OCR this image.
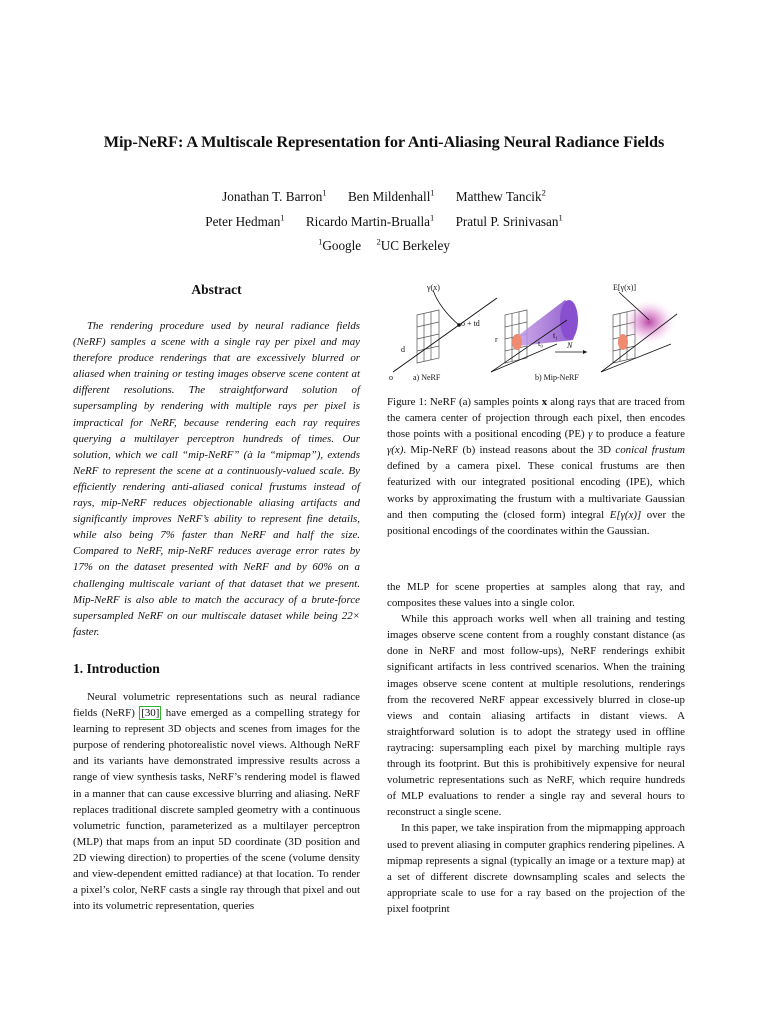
Mip-NeRF: A Multiscale Representation for Anti-Aliasing Neural Radiance Fields
Jonathan T. Barron$^1$ Ben Mildenhall$^1$ Matthew Tancik$^2$
Peter Hedman$^1$ Ricardo Martin-Brualla$^1$ Pratul P. Srinivasan$^1$
$^1$Google $^2$UC Berkeley
Abstract
The rendering procedure used by neural radiance fields (NeRF) samples a scene with a single ray per pixel and may therefore produce renderings that are excessively blurred or aliased when training or testing images observe scene content at different resolutions. The straightforward solution of supersampling by rendering with multiple rays per pixel is impractical for NeRF, because rendering each ray requires querying a multilayer perceptron hundreds of times. Our solution, which we call “mip-NeRF” (à la “mipmap”), extends NeRF to represent the scene at a continuously-valued scale. By efficiently rendering anti-aliased conical frustums instead of rays, mip-NeRF reduces objectionable aliasing artifacts and significantly improves NeRF’s ability to represent fine details, while also being 7% faster than NeRF and half the size. Compared to NeRF, mip-NeRF reduces average error rates by 17% on the dataset presented with NeRF and by 60% on a challenging multiscale variant of that dataset that we present. Mip-NeRF is also able to match the accuracy of a brute-force supersampled NeRF on our multiscale dataset while being 22× faster.
1. Introduction
Neural volumetric representations such as neural radiance fields (NeRF) [30] have emerged as a compelling strategy for learning to represent 3D objects and scenes from images for the purpose of rendering photorealistic novel views. Although NeRF and its variants have demonstrated impressive results across a range of view synthesis tasks, NeRF’s rendering model is flawed in a manner that can cause excessive blurring and aliasing. NeRF replaces traditional discrete sampled geometry with a continuous volumetric function, parameterized as a multilayer perceptron (MLP) that maps from an input 5D coordinate (3D position and 2D viewing direction) to properties of the scene (volume density and view-dependent emitted radiance) at that location. To render a pixel’s color, NeRF casts a single ray through that pixel and out into its volumetric representation, queries
γ(x)
o + td
d
o	a) NeRF
r	t₀
t₁
N
b) Mip-NeRF
E[γ(x)]
Figure 1: NeRF (a) samples points x along rays that are traced from the camera center of projection through each pixel, then encodes those points with a positional encoding (PE) γ to produce a feature γ(x). Mip-NeRF (b) instead reasons about the 3D conical frustum defined by a camera pixel. These conical frustums are then featurized with our integrated positional encoding (IPE), which works by approximating the frustum with a multivariate Gaussian and then computing the (closed form) integral E[γ(x)] over the positional encodings of the coordinates within the Gaussian.

the MLP for scene properties at samples along that ray, and composites these values into a single color.

While this approach works well when all training and testing images observe scene content from a roughly constant distance (as done in NeRF and most follow-ups), NeRF renderings exhibit significant artifacts in less contrived scenarios. When the training images observe scene content at multiple resolutions, renderings from the recovered NeRF appear excessively blurred in close-up views and contain aliasing artifacts in distant views. A straightforward solution is to adopt the strategy used in offline raytracing: supersampling each pixel by marching multiple rays through its footprint. But this is prohibitively expensive for neural volumetric representations such as NeRF, which require hundreds of MLP evaluations to render a single ray and several hours to reconstruct a single scene.

In this paper, we take inspiration from the mipmapping approach used to prevent aliasing in computer graphics rendering pipelines. A mipmap represents a signal (typically an image or a texture map) at a set of different discrete downsampling scales and selects the appropriate scale to use for a ray based on the projection of the pixel footprint
